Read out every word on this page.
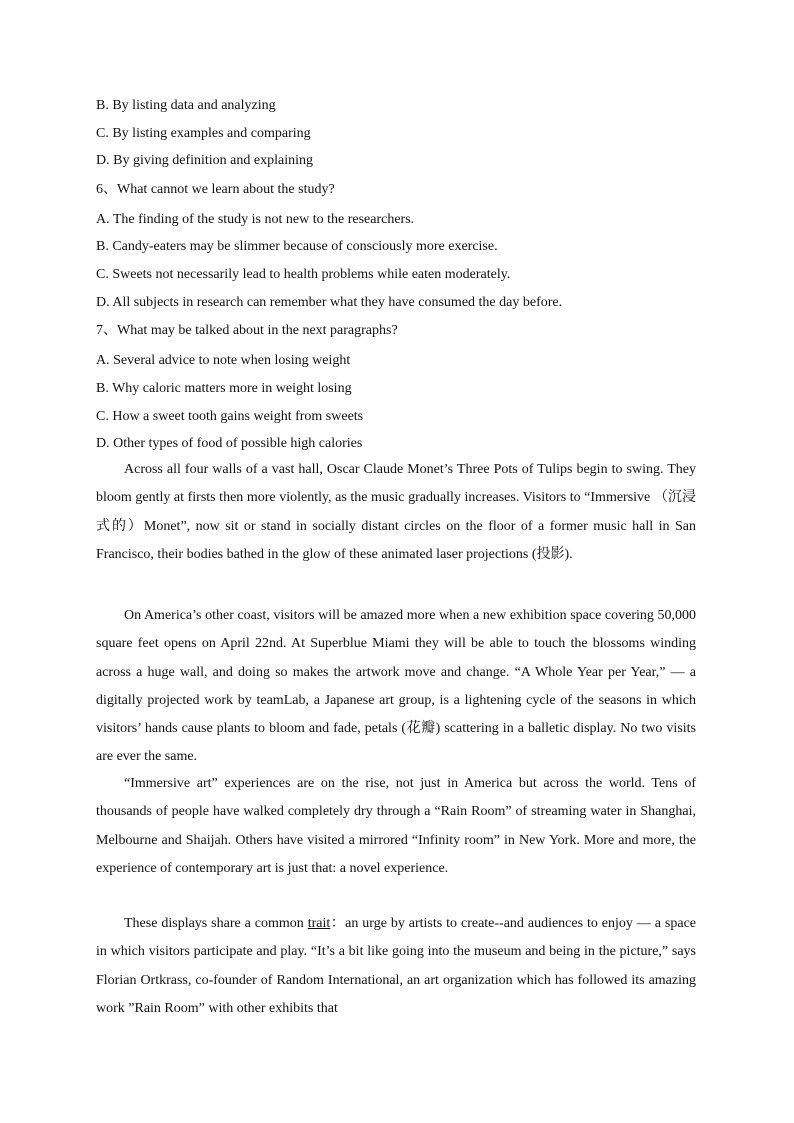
B. By listing data and analyzing
C. By listing examples and comparing
D. By giving definition and explaining
6、What cannot we learn about the study?
A. The finding of the study is not new to the researchers.
B. Candy-eaters may be slimmer because of consciously more exercise.
C. Sweets not necessarily lead to health problems while eaten moderately.
D. All subjects in research can remember what they have consumed the day before.
7、What may be talked about in the next paragraphs?
A. Several advice to note when losing weight
B. Why caloric matters more in weight losing
C. How a sweet tooth gains weight from sweets
D. Other types of food of possible high calories

Across all four walls of a vast hall, Oscar Claude Monet’s Three Pots of Tulips begin to swing. They bloom gently at firsts then more violently, as the music gradually increases. Visitors to “Immersive （沉浸式的）Monet”, now sit or stand in socially distant circles on the floor of a former music hall in San Francisco, their bodies bathed in the glow of these animated laser projections (投影).

On America’s other coast, visitors will be amazed more when a new exhibition space covering 50,000 square feet opens on April 22nd. At Superblue Miami they will be able to touch the blossoms winding across a huge wall, and doing so makes the artwork move and change. “A Whole Year per Year,” — a digitally projected work by teamLab, a Japanese art group, is a lightening cycle of the seasons in which visitors’ hands cause plants to bloom and fade, petals (花瓣) scattering in a balletic display. No two visits are ever the same.

“Immersive art” experiences are on the rise, not just in America but across the world. Tens of thousands of people have walked completely dry through a “Rain Room” of streaming water in Shanghai, Melbourne and Shaijah. Others have visited a mirrored “Infinity room” in New York. More and more, the experience of contemporary art is just that: a novel experience.

These displays share a common trait：an urge by artists to create--and audiences to enjoy — a space in which visitors participate and play. “It’s a bit like going into the museum and being in the picture,” says Florian Ortkrass, co-founder of Random International, an art organization which has followed its amazing work ”Rain Room” with other exhibits that
